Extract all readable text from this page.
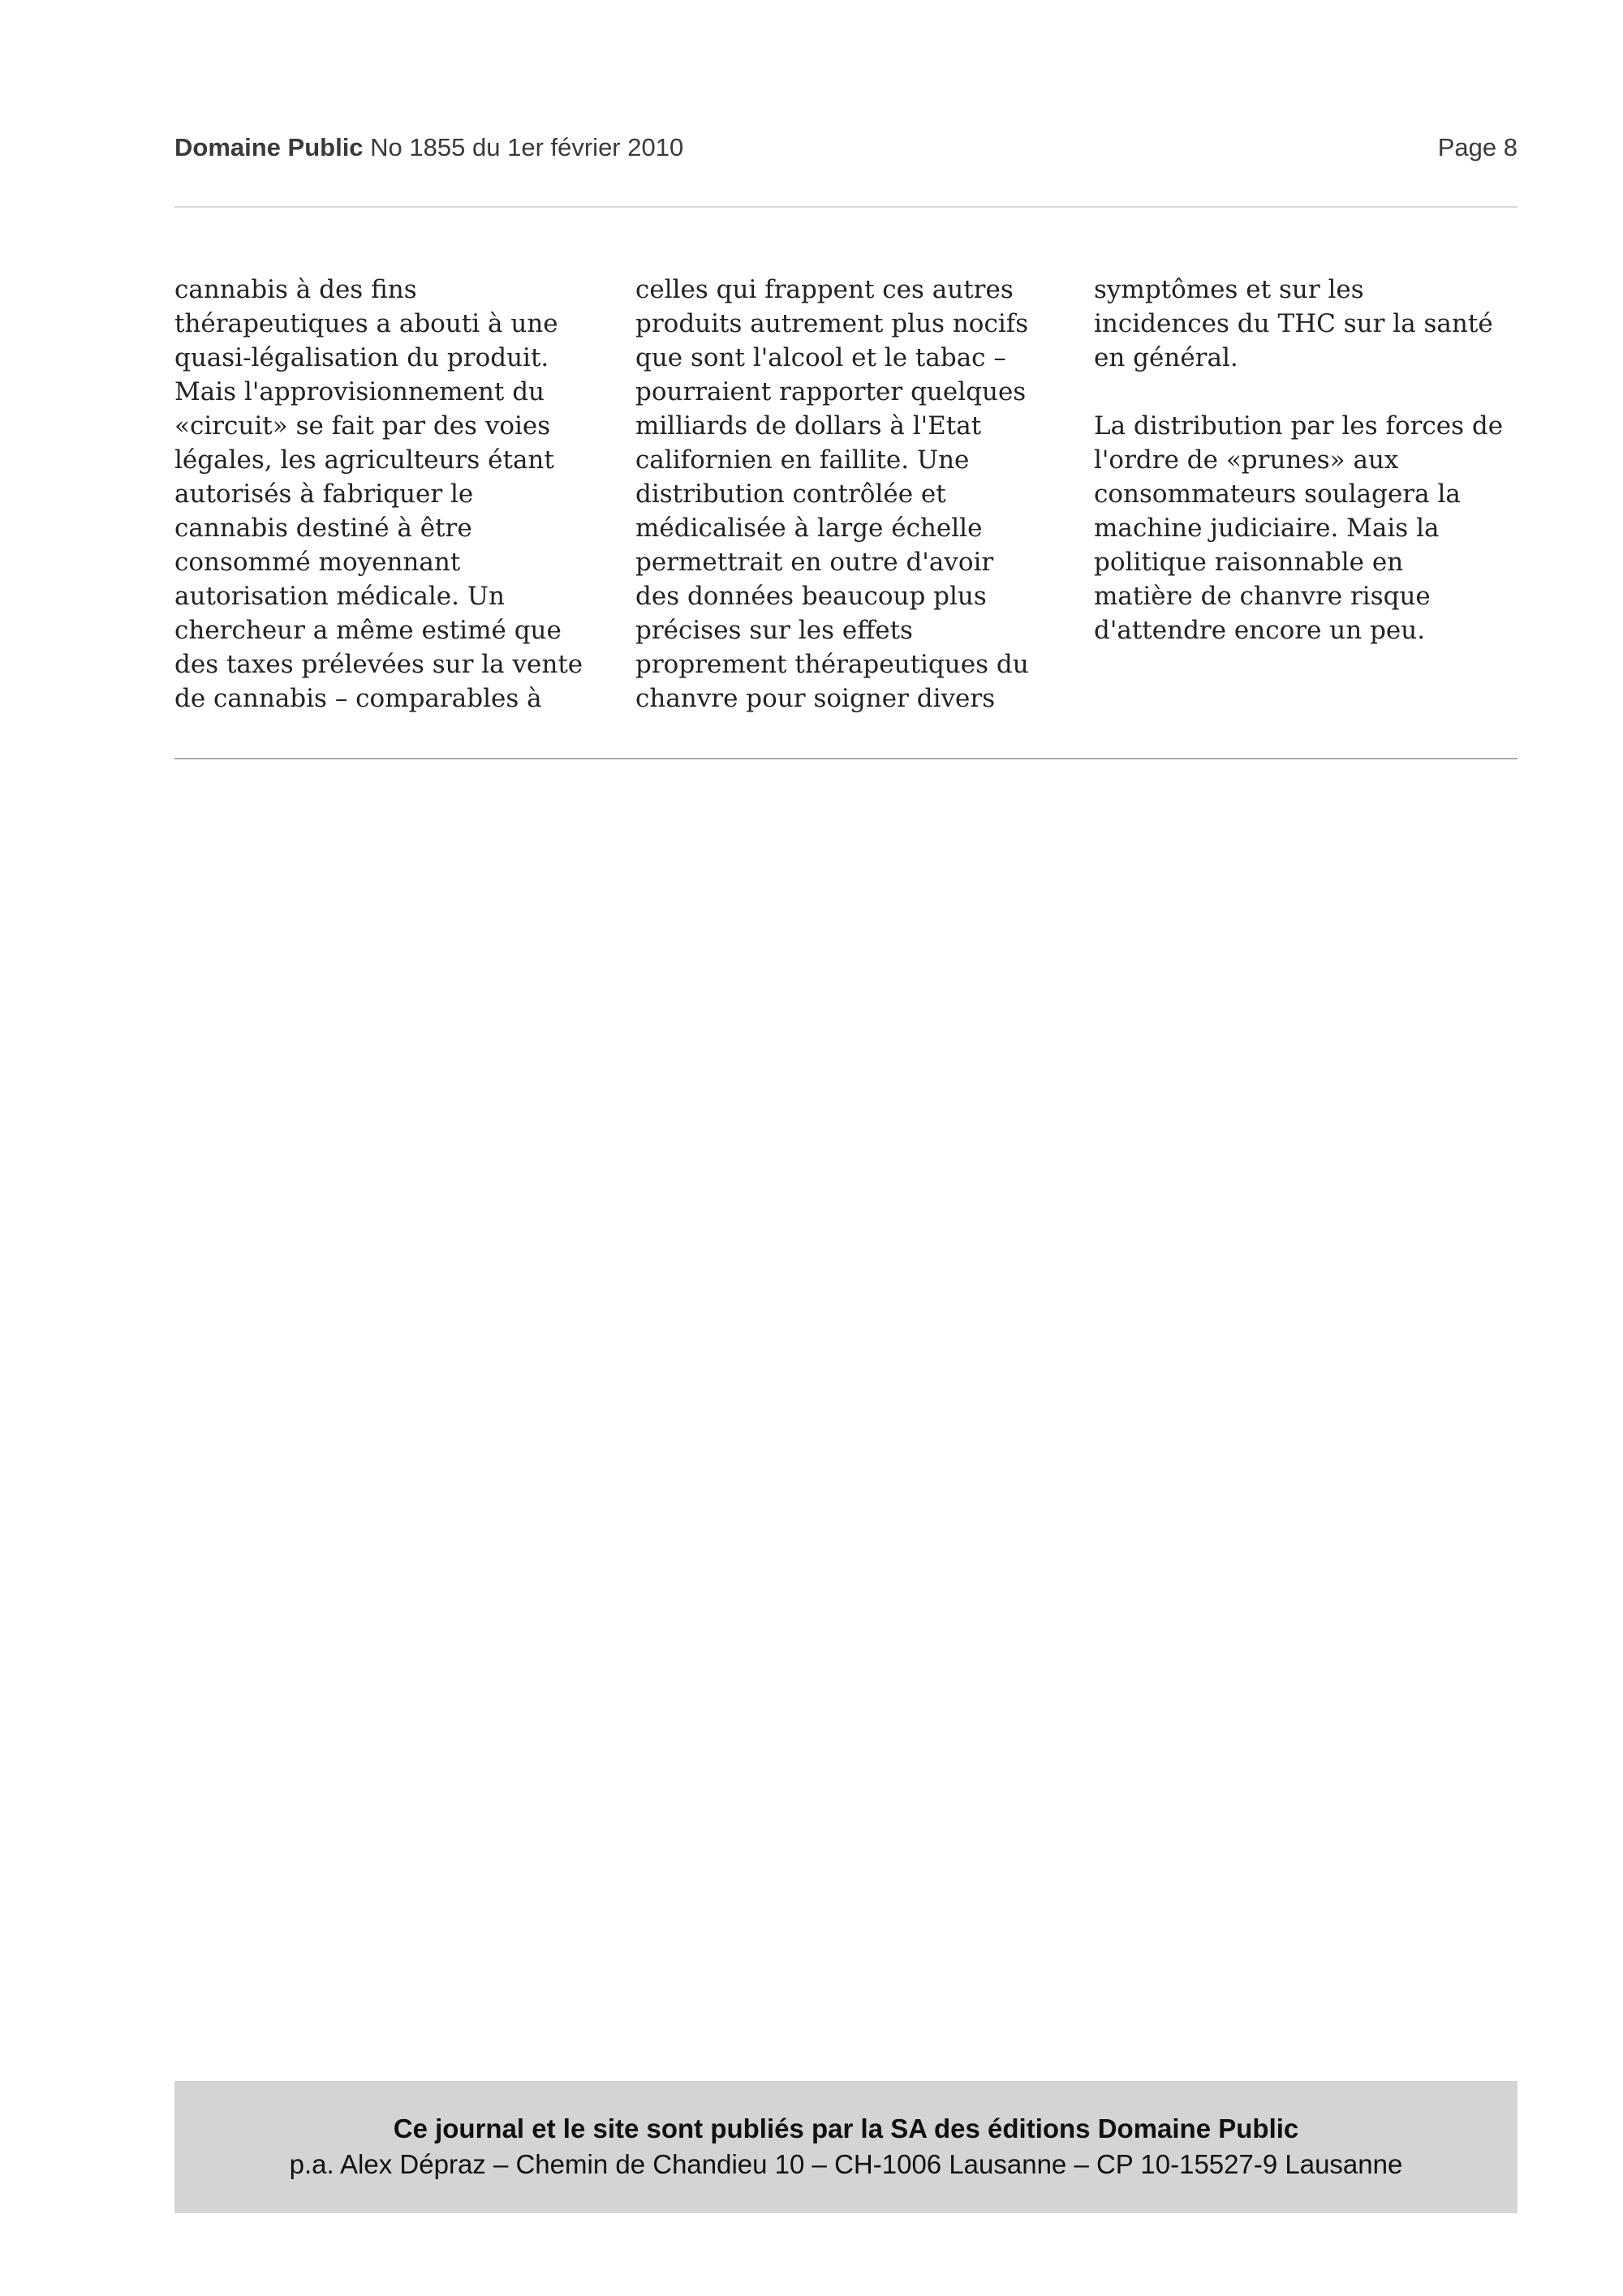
Domaine Public No 1855 du 1er février 2010	Page 8

cannabis à des fins
thérapeutiques a abouti à une
quasi-légalisation du produit.
Mais l'approvisionnement du
«circuit» se fait par des voies
légales, les agriculteurs étant
autorisés à fabriquer le
cannabis destiné à être
consommé moyennant
autorisation médicale. Un
chercheur a même estimé que
des taxes prélevées sur la vente
de cannabis – comparables à

celles qui frappent ces autres
produits autrement plus nocifs
que sont l'alcool et le tabac –
pourraient rapporter quelques
milliards de dollars à l'Etat
californien en faillite. Une
distribution contrôlée et
médicalisée à large échelle
permettrait en outre d'avoir
des données beaucoup plus
précises sur les effets
proprement thérapeutiques du
chanvre pour soigner divers

symptômes et sur les
incidences du THC sur la santé
en général.

La distribution par les forces de
l'ordre de «prunes» aux
consommateurs soulagera la
machine judiciaire. Mais la
politique raisonnable en
matière de chanvre risque
d'attendre encore un peu.

Ce journal et le site sont publiés par la SA des éditions Domaine Public
p.a. Alex Dépraz – Chemin de Chandieu 10 – CH-1006 Lausanne – CP 10-15527-9 Lausanne
